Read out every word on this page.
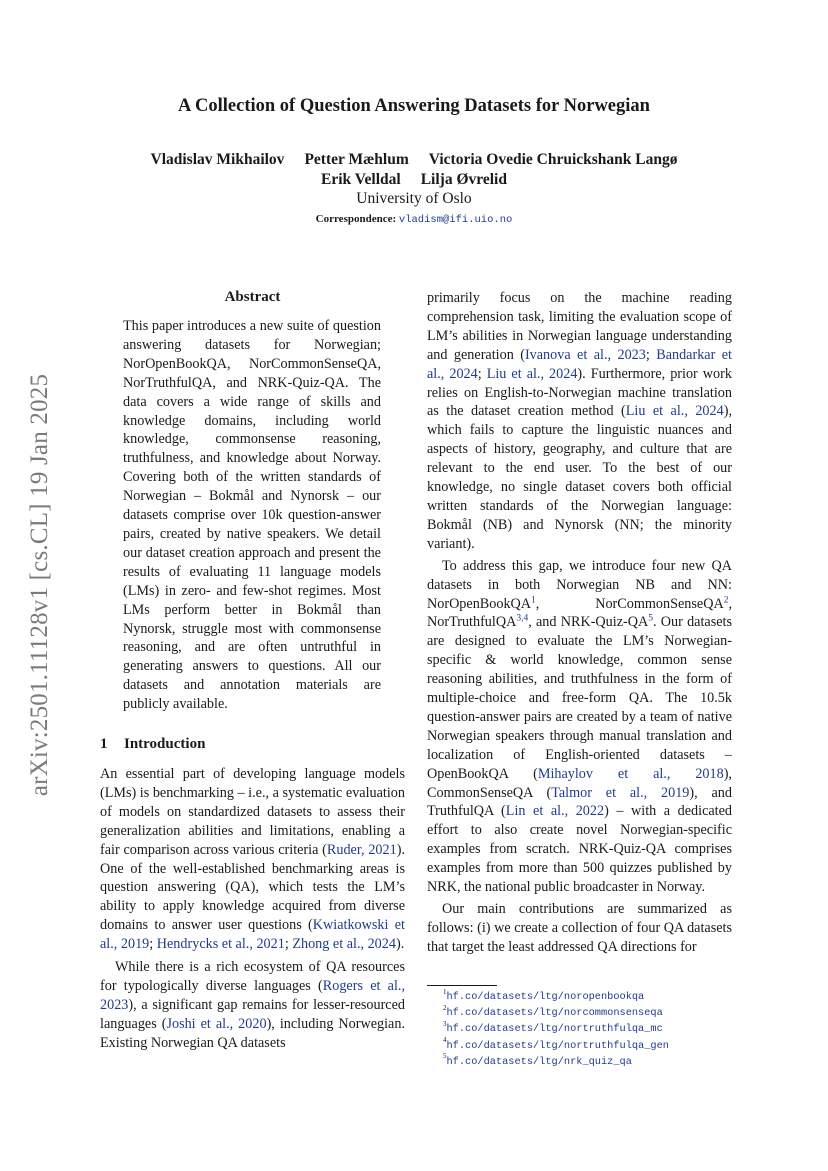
arXiv:2501.11128v1 [cs.CL] 19 Jan 2025
A Collection of Question Answering Datasets for Norwegian
Vladislav Mikhailov Petter Mæhlum Victoria Ovedie Chruickshank Langø
Erik Velldal Lilja Øvrelid
University of Oslo
Correspondence: vladism@ifi.uio.no
Abstract

This paper introduces a new suite of question answering datasets for Norwegian; NorOpenBookQA, NorCommonSenseQA, NorTruthfulQA, and NRK-Quiz-QA. The data covers a wide range of skills and knowledge domains, including world knowledge, commonsense reasoning, truthfulness, and knowledge about Norway. Covering both of the written standards of Norwegian – Bokmål and Nynorsk – our datasets comprise over 10k question-answer pairs, created by native speakers. We detail our dataset creation approach and present the results of evaluating 11 language models (LMs) in zero- and few-shot regimes. Most LMs perform better in Bokmål than Nynorsk, struggle most with commonsense reasoning, and are often untruthful in generating answers to questions. All our datasets and annotation materials are publicly available.

1 Introduction

An essential part of developing language models (LMs) is benchmarking – i.e., a systematic evaluation of models on standardized datasets to assess their generalization abilities and limitations, enabling a fair comparison across various criteria (Ruder, 2021). One of the well-established benchmarking areas is question answering (QA), which tests the LM’s ability to apply knowledge acquired from diverse domains to answer user questions (Kwiatkowski et al., 2019; Hendrycks et al., 2021; Zhong et al., 2024).

While there is a rich ecosystem of QA resources for typologically diverse languages (Rogers et al., 2023), a significant gap remains for lesser-resourced languages (Joshi et al., 2020), including Norwegian. Existing Norwegian QA datasets

primarily focus on the machine reading comprehension task, limiting the evaluation scope of LM’s abilities in Norwegian language understanding and generation (Ivanova et al., 2023; Bandarkar et al., 2024; Liu et al., 2024). Furthermore, prior work relies on English-to-Norwegian machine translation as the dataset creation method (Liu et al., 2024), which fails to capture the linguistic nuances and aspects of history, geography, and culture that are relevant to the end user. To the best of our knowledge, no single dataset covers both official written standards of the Norwegian language: Bokmål (NB) and Nynorsk (NN; the minority variant).

To address this gap, we introduce four new QA datasets in both Norwegian NB and NN: NorOpenBookQA$^1$, NorCommonSenseQA$^2$, NorTruthfulQA$^{3,4}$, and NRK-Quiz-QA$^5$. Our datasets are designed to evaluate the LM’s Norwegian-specific & world knowledge, common sense reasoning abilities, and truthfulness in the form of multiple-choice and free-form QA. The 10.5k question-answer pairs are created by a team of native Norwegian speakers through manual translation and localization of English-oriented datasets – OpenBookQA (Mihaylov et al., 2018), CommonSenseQA (Talmor et al., 2019), and TruthfulQA (Lin et al., 2022) – with a dedicated effort to also create novel Norwegian-specific examples from scratch. NRK-Quiz-QA comprises examples from more than 500 quizzes published by NRK, the national public broadcaster in Norway.

Our main contributions are summarized as follows: (i) we create a collection of four QA datasets that target the least addressed QA directions for

$^1$hf.co/datasets/ltg/noropenbookqa
$^2$hf.co/datasets/ltg/norcommonsenseqa
$^3$hf.co/datasets/ltg/nortruthfulqa_mc
$^4$hf.co/datasets/ltg/nortruthfulqa_gen
$^5$hf.co/datasets/ltg/nrk_quiz_qa
